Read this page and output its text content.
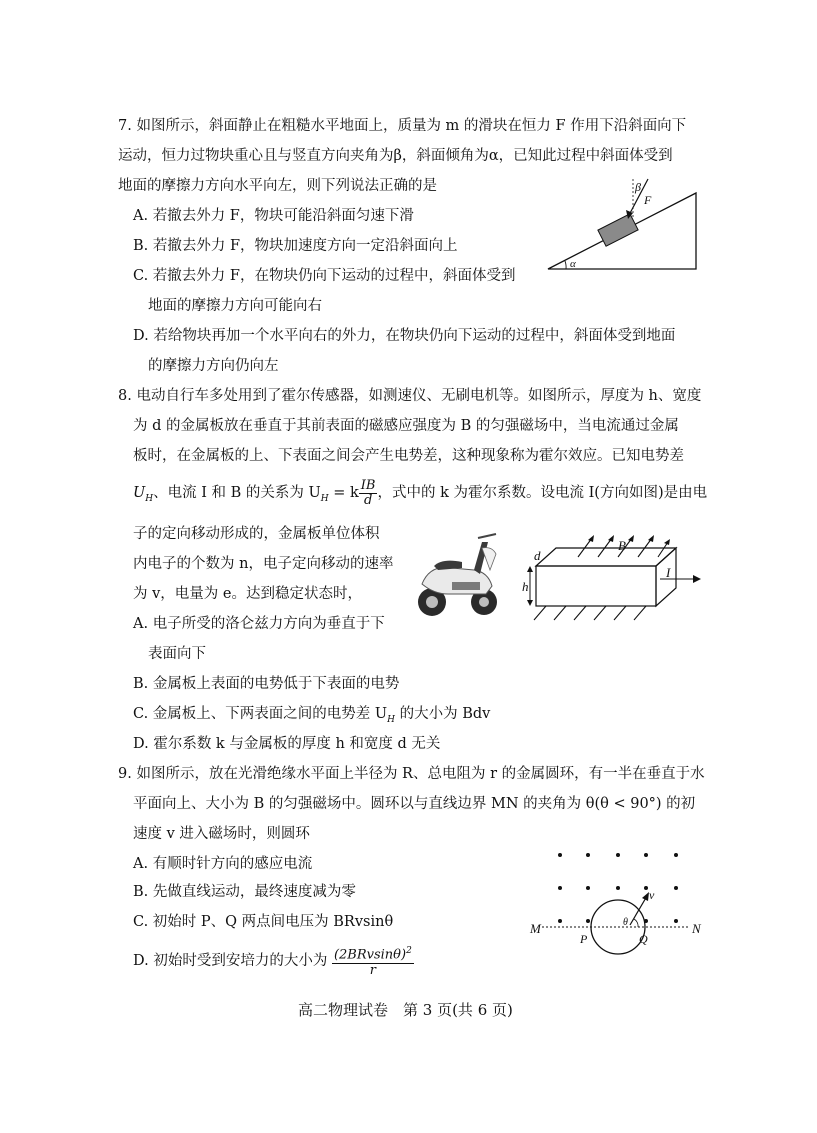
7. 如图所示，斜面静止在粗糙水平地面上，质量为 m 的滑块在恒力 F 作用下沿斜面向下
运动，恒力过物块重心且与竖直方向夹角为β，斜面倾角为α，已知此过程中斜面体受到
地面的摩擦力方向水平向左，则下列说法正确的是
A. 若撤去外力 F，物块可能沿斜面匀速下滑
B. 若撤去外力 F，物块加速度方向一定沿斜面向上
C. 若撤去外力 F，在物块仍向下运动的过程中，斜面体受到
地面的摩擦力方向可能向右
D. 若给物块再加一个水平向右的外力，在物块仍向下运动的过程中，斜面体受到地面
的摩擦力方向仍向左
β
F
α
8. 电动自行车多处用到了霍尔传感器，如测速仪、无刷电机等。如图所示，厚度为 h、宽度
为 d 的金属板放在垂直于其前表面的磁感应强度为 B 的匀强磁场中，当电流通过金属
板时，在金属板的上、下表面之间会产生电势差，这种现象称为霍尔效应。已知电势差
$U_H$、电流 I 和 B 的关系为 $U_H = k \frac{IB}{d}$ ，式中的 k 为霍尔系数。设电流 I(方向如图)是由电
子的定向移动形成的，金属板单位体积
内电子的个数为 n，电子定向移动的速率
为 v，电量为 e。达到稳定状态时，
A. 电子所受的洛仑兹力方向为垂直于下
表面向下
B. 金属板上表面的电势低于下表面的电势
C. 金属板上、下两表面之间的电势差 $U_H$ 的大小为 Bdv
D. 霍尔系数 k 与金属板的厚度 h 和宽度 d 无关
h
d
B
I
9. 如图所示，放在光滑绝缘水平面上半径为 R、总电阻为 r 的金属圆环，有一半在垂直于水
平面向上、大小为 B 的匀强磁场中。圆环以与直线边界 MN 的夹角为 θ(θ < 90°) 的初
速度 v 进入磁场时，则圆环
A. 有顺时针方向的感应电流
B. 先做直线运动，最终速度减为零
C. 初始时 P、Q 两点间电压为 BRvsinθ
D. 初始时受到安培力的大小为 $\frac{(2BRvsin\theta)^2}{r}$
M	N
P	Q
v
θ
高二物理试卷　第 3 页(共 6 页)
